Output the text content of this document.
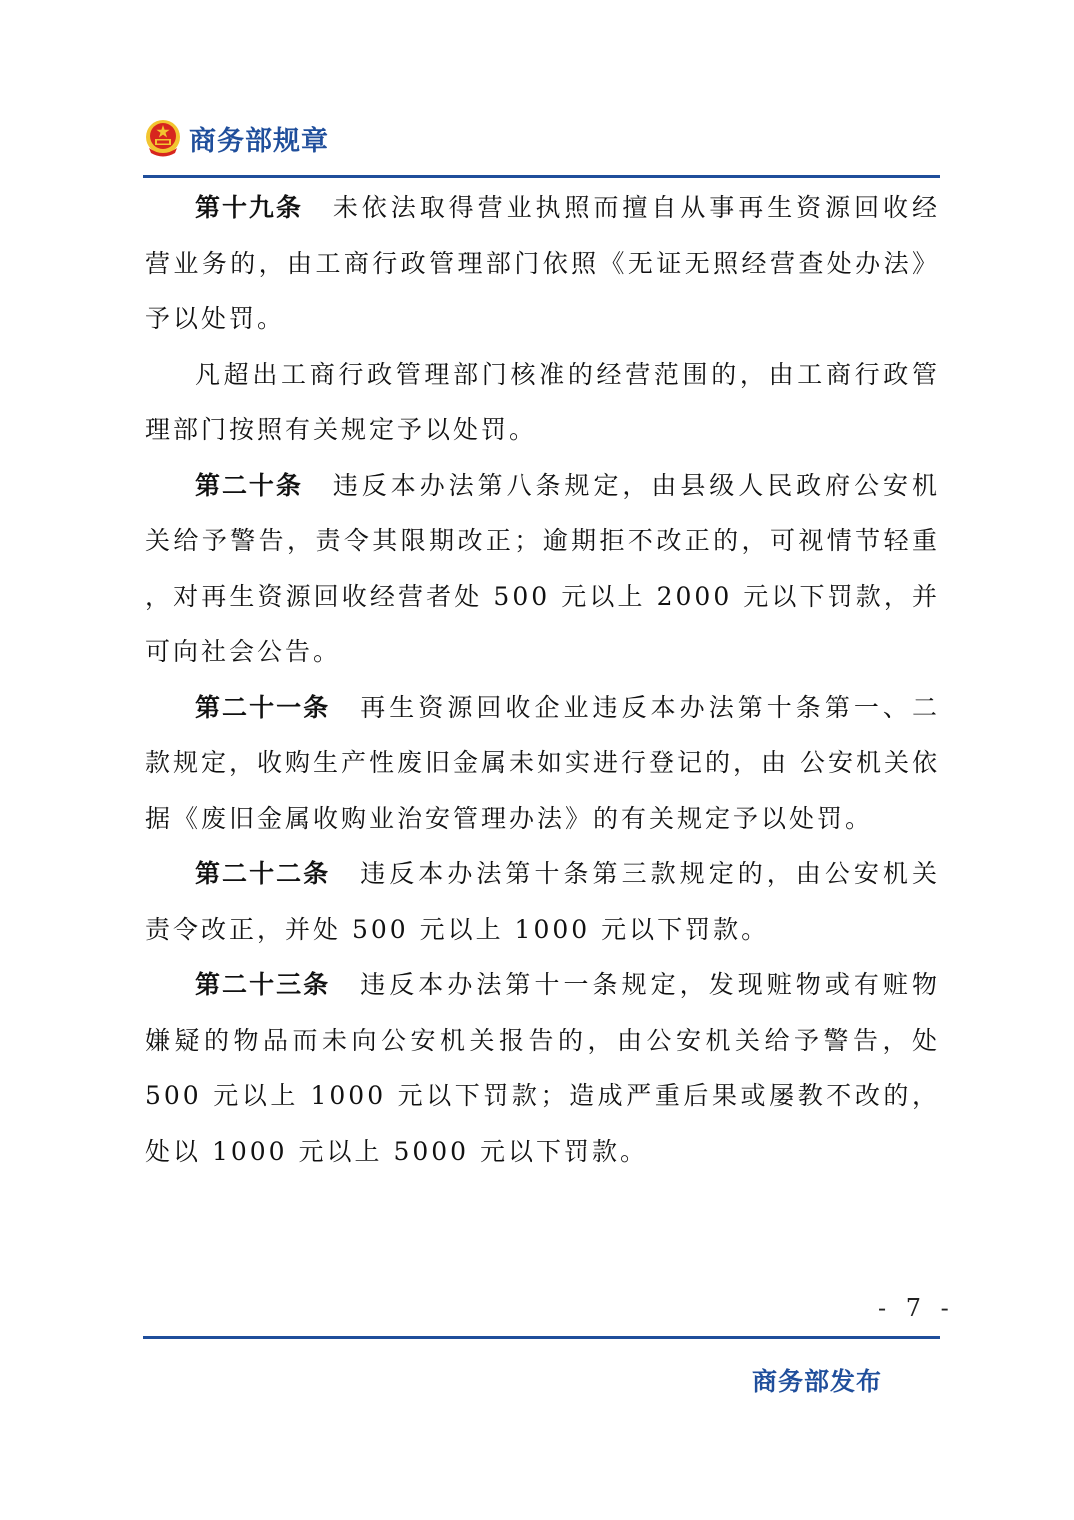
商务部规章

第十九条 未依法取得营业执照而擅自从事再生资源回收经营业务的，由工商行政管理部门依照《无证无照经营查处办法》予以处罚。

凡超出工商行政管理部门核准的经营范围的，由工商行政管理部门按照有关规定予以处罚。

第二十条 违反本办法第八条规定，由县级人民政府公安机关给予警告，责令其限期改正；逾期拒不改正的，可视情节轻重 ，对再生资源回收经营者处 500 元以上 2000 元以下罚款，并可向社会公告。

第二十一条 再生资源回收企业违反本办法第十条第一、二款规定，收购生产性废旧金属未如实进行登记的，由 公安机关依据《废旧金属收购业治安管理办法》的有关规定予以处罚。

第二十二条 违反本办法第十条第三款规定的，由公安机关责令改正，并处 500 元以上 1000 元以下罚款。

第二十三条 违反本办法第十一条规定，发现赃物或有赃物嫌疑的物品而未向公安机关报告的，由公安机关给予警告，处 500 元以上 1000 元以下罚款；造成严重后果或屡教不改的，处以 1000 元以上 5000 元以下罚款。

- 7 -
商务部发布
